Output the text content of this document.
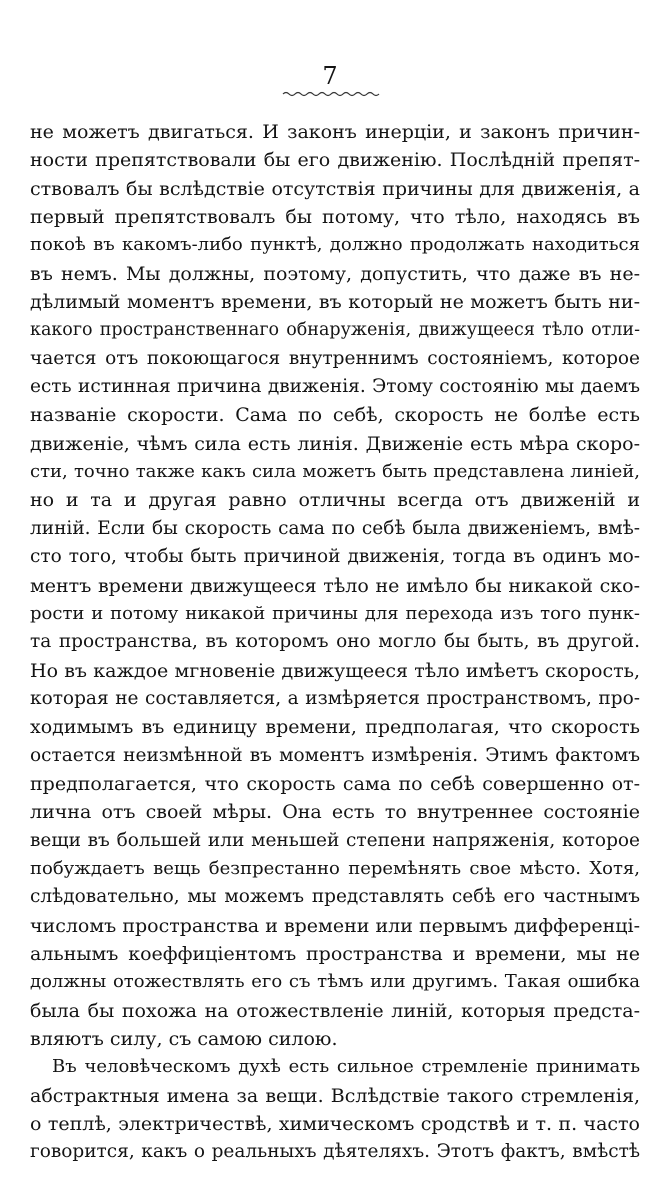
7
не можетъ двигаться. И законъ инерціи, и законъ причин-
ности препятствовали бы его движенію. Послѣдній препят-
ствовалъ бы вслѣдствіе отсутствія причины для движенія, а
первый препятствовалъ бы потому, что тѣло, находясь въ
покоѣ въ какомъ-либо пунктѣ, должно продолжать находиться
въ немъ. Мы должны, поэтому, допустить, что даже въ не-
дѣлимый моментъ времени, въ который не можетъ быть ни-
какого пространственнаго обнаруженія, движущееся тѣло отли-
чается отъ покоющагося внутреннимъ состояніемъ, которое
есть истинная причина движенія. Этому состоянію мы даемъ
названіе скорости. Сама по себѣ, скорость не болѣе есть
движеніе, чѣмъ сила есть линія. Движеніе есть мѣра скоро-
сти, точно также какъ сила можетъ быть представлена линіей,
но и та и другая равно отличны всегда отъ движеній и
линій. Если бы скорость сама по себѣ была движеніемъ, вмѣ-
сто того, чтобы быть причиной движенія, тогда въ одинъ мо-
ментъ времени движущееся тѣло не имѣло бы никакой ско-
рости и потому никакой причины для перехода изъ того пунк-
та пространства, въ которомъ оно могло бы быть, въ другой.
Но въ каждое мгновеніе движущееся тѣло имѣетъ скорость,
которая не составляется, а измѣряется пространствомъ, про-
ходимымъ въ единицу времени, предполагая, что скорость
остается неизмѣнной въ моментъ измѣренія. Этимъ фактомъ
предполагается, что скорость сама по себѣ совершенно от-
лична отъ своей мѣры. Она есть то внутреннее состояніе
вещи въ большей или меньшей степени напряженія, которое
побуждаетъ вещь безпрестанно перемѣнять свое мѣсто. Хотя,
слѣдовательно, мы можемъ представлять себѣ его частнымъ
числомъ пространства и времени или первымъ дифференці-
альнымъ коеффиціентомъ пространства и времени, мы не
должны отожествлять его съ тѣмъ или другимъ. Такая ошибка
была бы похожа на отожествленіе линій, которыя предста-
вляютъ силу, съ самою силою.
Въ человѣческомъ духѣ есть сильное стремленіе принимать
абстрактныя имена за вещи. Вслѣдствіе такого стремленія,
о теплѣ, электричествѣ, химическомъ сродствѣ и т. п. часто
говорится, какъ о реальныхъ дѣятеляхъ. Этотъ фактъ, вмѣстѣ
